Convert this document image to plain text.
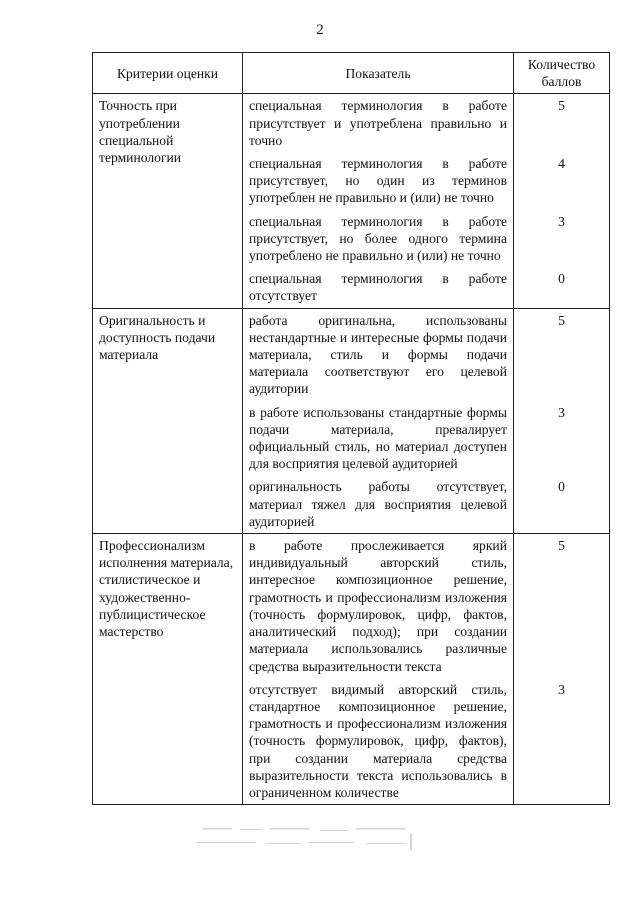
2
Критерии оценки	Показатель	Количество баллов
Точность при употреблении специальной терминологии	специальная терминология в работе присутствует и употреблена правильно и точно	5
	специальная терминология в работе присутствует, но один из терминов употреблен не правильно и (или) не точно	4
	специальная терминология в работе присутствует, но более одного термина употреблено не правильно и (или) не точно	3
	специальная терминология в работе отсутствует	0
Оригинальность и доступность подачи материала	работа оригинальна, использованы нестандартные и интересные формы подачи материала, стиль и формы подачи материала соответствуют его целевой аудитории	5
	в работе использованы стандартные формы подачи материала, превалирует официальный стиль, но материал доступен для восприятия целевой аудиторией	3
	оригинальность работы отсутствует, материал тяжел для восприятия целевой аудиторией	0
Профессионализм исполнения материала, стилистическое и художественно-публицистическое мастерство	в работе прослеживается яркий индивидуальный авторский стиль, интересное композиционное решение, грамотность и профессионализм изложения (точность формулировок, цифр, фактов, аналитический подход); при создании материала использовались различные средства выразительности текста	5
	отсутствует видимый авторский стиль, стандартное композиционное решение, грамотность и профессионализм изложения (точность формулировок, цифр, фактов), при создании материала средства выразительности текста использовались в ограниченном количестве	3
